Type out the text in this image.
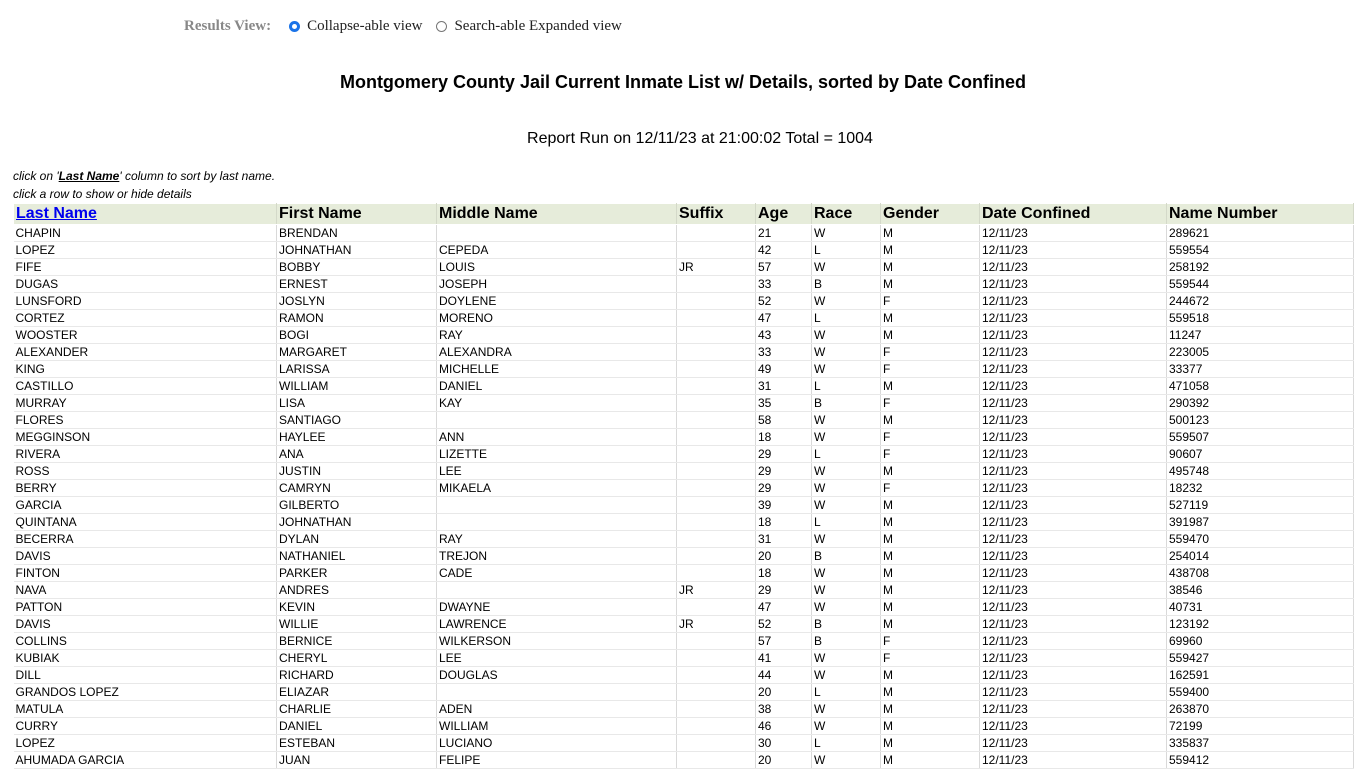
Results View: Collapse-able view Search-able Expanded view
Montgomery County Jail Current Inmate List w/ Details, sorted by Date Confined
Report Run on 12/11/23 at 21:00:02 Total = 1004
click on 'Last Name' column to sort by last name.
click a row to show or hide details
Last Name	First Name	Middle Name	Suffix	Age	Race	Gender	Date Confined	Name Number
CHAPIN	BRENDAN			21	W	M	12/11/23	289621
LOPEZ	JOHNATHAN	CEPEDA		42	L	M	12/11/23	559554
FIFE	BOBBY	LOUIS	JR	57	W	M	12/11/23	258192
DUGAS	ERNEST	JOSEPH		33	B	M	12/11/23	559544
LUNSFORD	JOSLYN	DOYLENE		52	W	F	12/11/23	244672
CORTEZ	RAMON	MORENO		47	L	M	12/11/23	559518
WOOSTER	BOGI	RAY		43	W	M	12/11/23	11247
ALEXANDER	MARGARET	ALEXANDRA		33	W	F	12/11/23	223005
KING	LARISSA	MICHELLE		49	W	F	12/11/23	33377
CASTILLO	WILLIAM	DANIEL		31	L	M	12/11/23	471058
MURRAY	LISA	KAY		35	B	F	12/11/23	290392
FLORES	SANTIAGO			58	W	M	12/11/23	500123
MEGGINSON	HAYLEE	ANN		18	W	F	12/11/23	559507
RIVERA	ANA	LIZETTE		29	L	F	12/11/23	90607
ROSS	JUSTIN	LEE		29	W	M	12/11/23	495748
BERRY	CAMRYN	MIKAELA		29	W	F	12/11/23	18232
GARCIA	GILBERTO			39	W	M	12/11/23	527119
QUINTANA	JOHNATHAN			18	L	M	12/11/23	391987
BECERRA	DYLAN	RAY		31	W	M	12/11/23	559470
DAVIS	NATHANIEL	TREJON		20	B	M	12/11/23	254014
FINTON	PARKER	CADE		18	W	M	12/11/23	438708
NAVA	ANDRES		JR	29	W	M	12/11/23	38546
PATTON	KEVIN	DWAYNE		47	W	M	12/11/23	40731
DAVIS	WILLIE	LAWRENCE	JR	52	B	M	12/11/23	123192
COLLINS	BERNICE	WILKERSON		57	B	F	12/11/23	69960
KUBIAK	CHERYL	LEE		41	W	F	12/11/23	559427
DILL	RICHARD	DOUGLAS		44	W	M	12/11/23	162591
GRANDOS LOPEZ	ELIAZAR			20	L	M	12/11/23	559400
MATULA	CHARLIE	ADEN		38	W	M	12/11/23	263870
CURRY	DANIEL	WILLIAM		46	W	M	12/11/23	72199
LOPEZ	ESTEBAN	LUCIANO		30	L	M	12/11/23	335837
AHUMADA GARCIA	JUAN	FELIPE		20	W	M	12/11/23	559412
